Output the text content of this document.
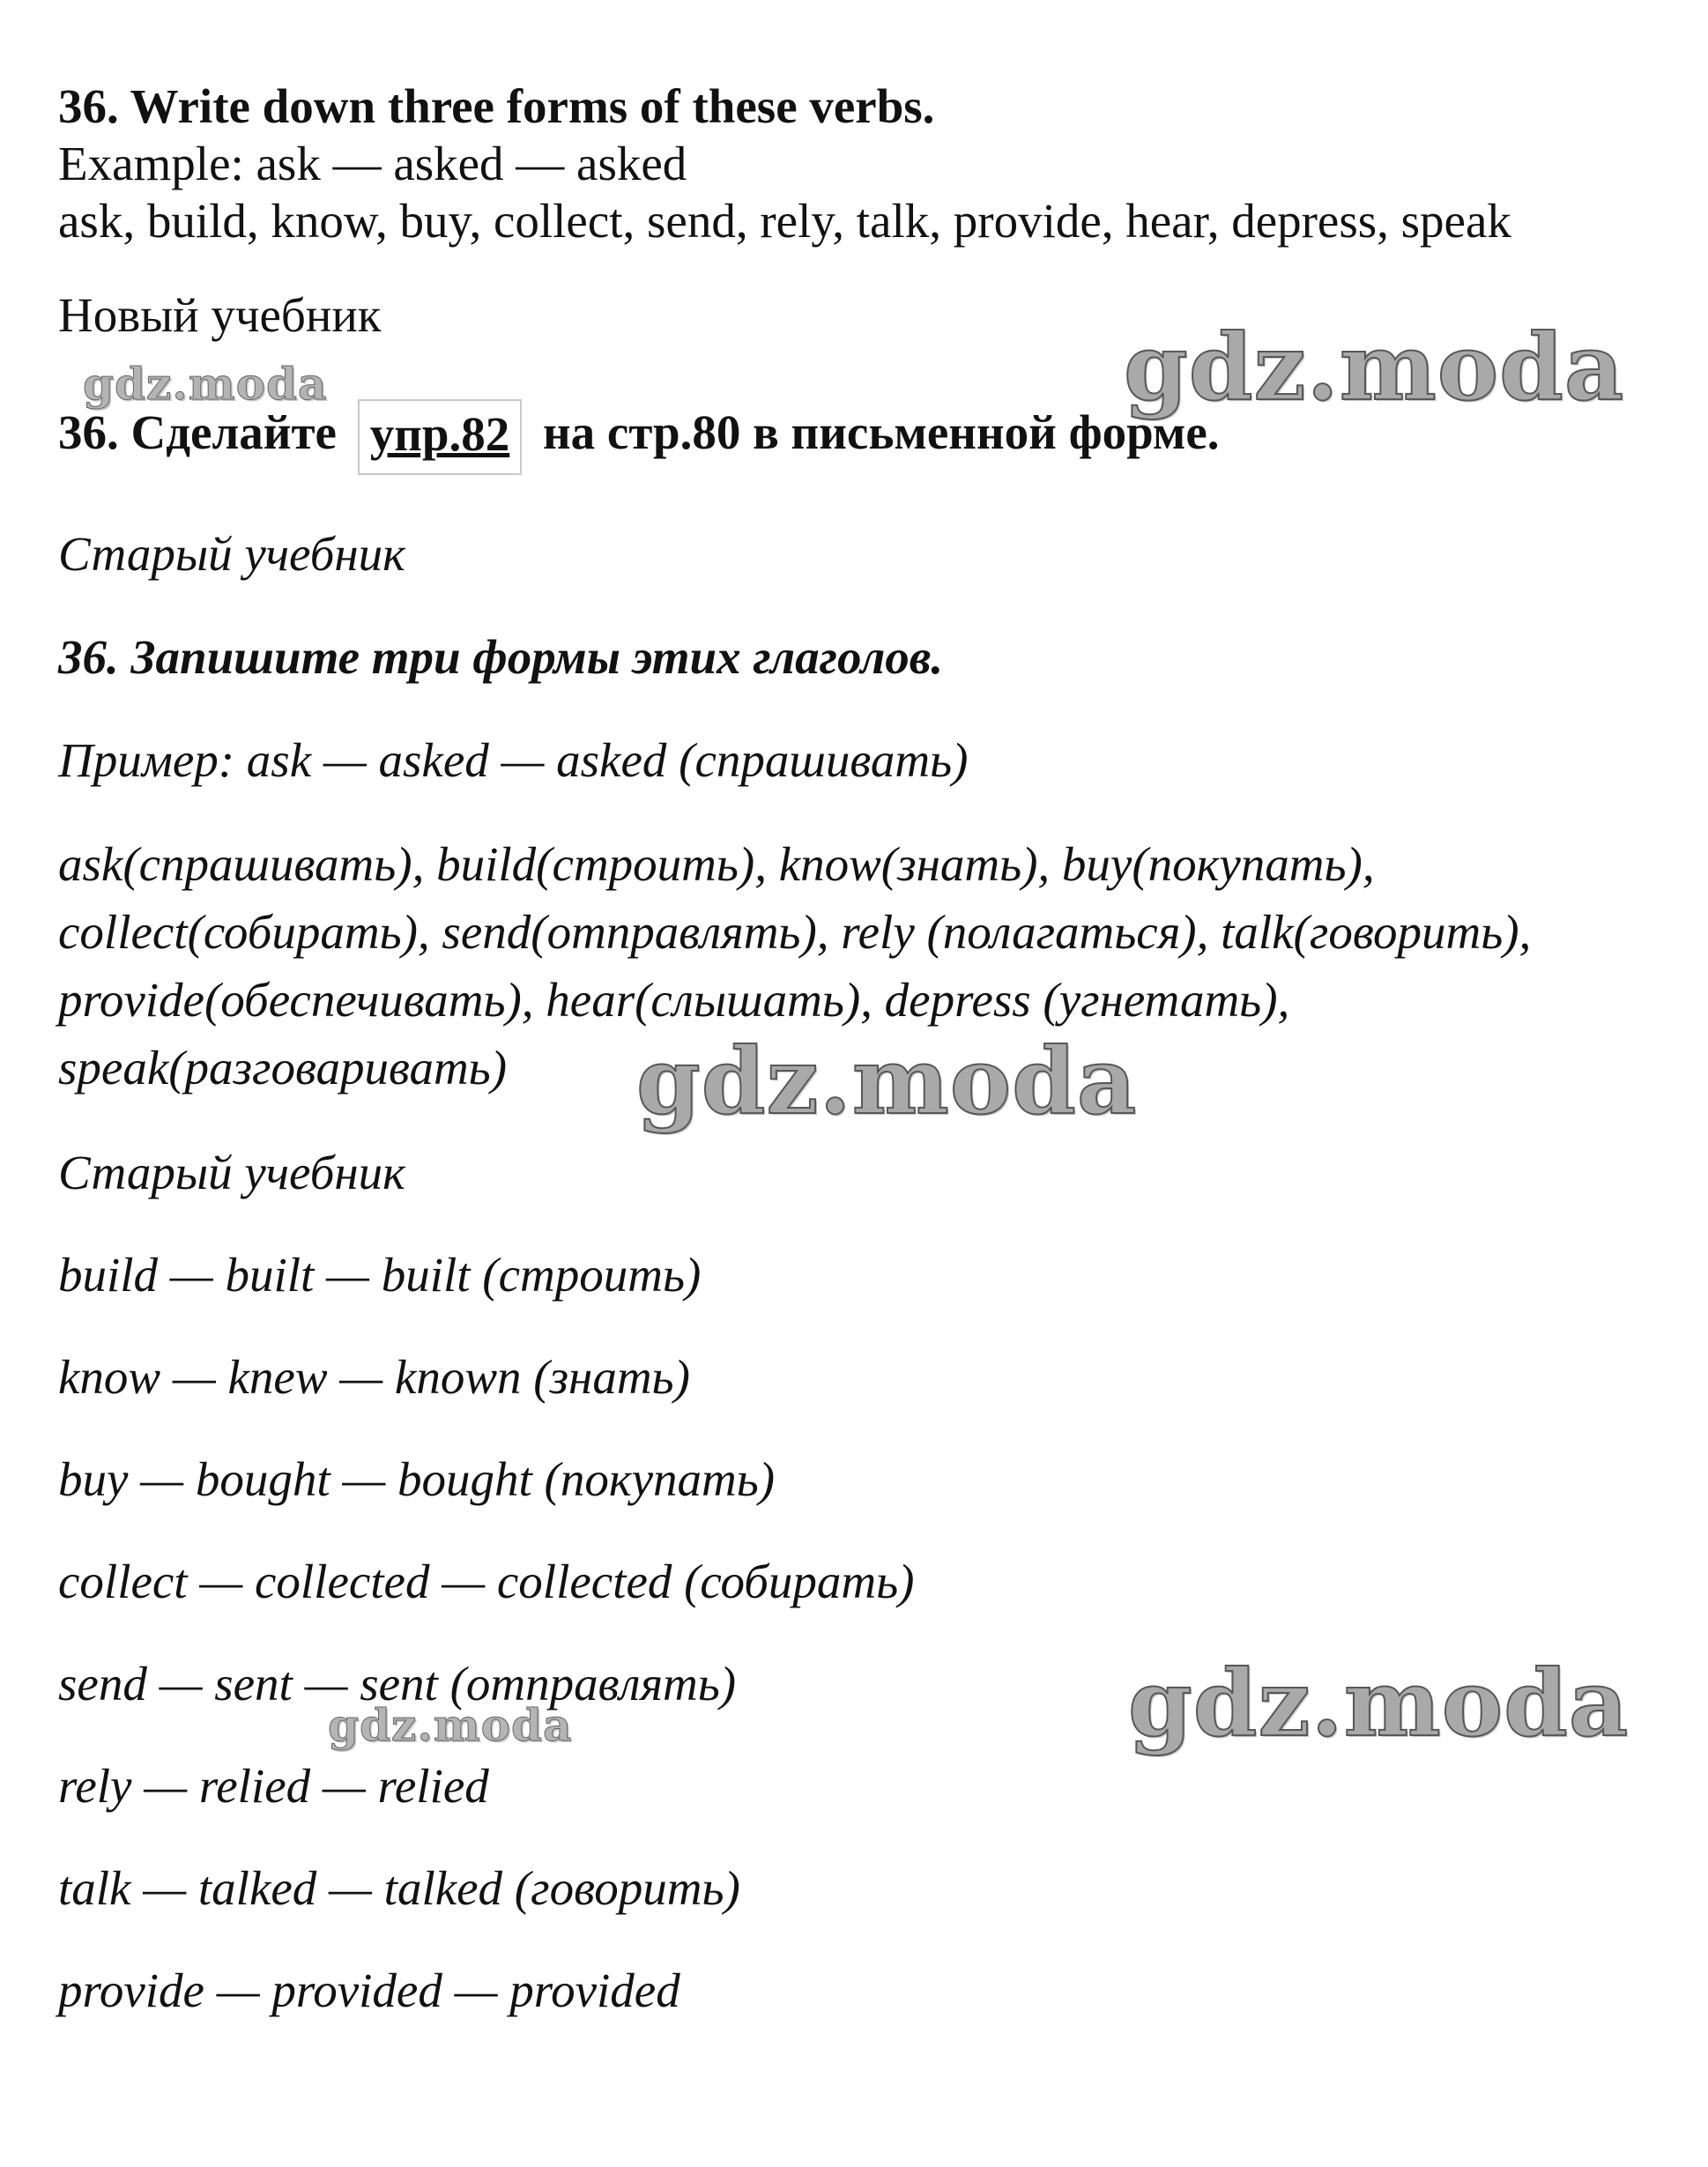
36. Write down three forms of these verbs.
Example: ask — asked — asked
ask, build, know, buy, collect, send, rely, talk, provide, hear, depress, speak
Новый учебник
36. Сделайте упр.82 на стр.80 в письменной форме.
Старый учебник
36. Запишите три формы этих глаголов.
Пример: ask — asked — asked (спрашивать)
ask(спрашивать), build(строить), know(знать), buy(покупать),
collect(собирать), send(отправлять), rely (полагаться), talk(говорить),
provide(обеспечивать), hear(слышать), depress (угнетать),
speak(разговаривать)
Старый учебник
build — built — built (строить)
know — knew — known (знать)
buy — bought — bought (покупать)
collect — collected — collected (собирать)
send — sent — sent (отправлять)
rely — relied — relied
talk — talked — talked (говорить)
provide — provided — provided
gdz.moda	gdz.moda
gdz.moda
gdz.moda
gdz.moda
